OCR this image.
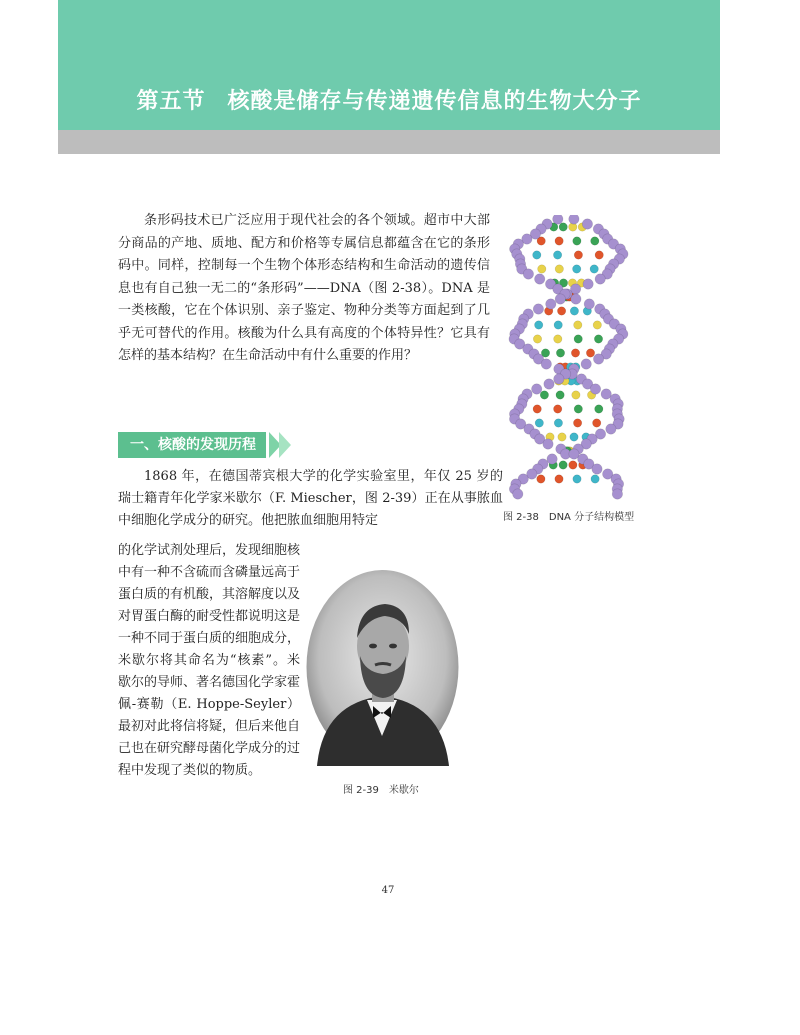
第五节 核酸是储存与传递遗传信息的生物大分子

条形码技术已广泛应用于现代社会的各个领域。超市中大部分商品的产地、质地、配方和价格等专属信息都蕴含在它的条形码中。同样，控制每一个生物个体形态结构和生命活动的遗传信息也有自己独一无二的“条形码”——DNA（图 2-38）。DNA 是一类核酸，它在个体识别、亲子鉴定、物种分类等方面起到了几乎无可替代的作用。核酸为什么具有高度的个体特异性？它具有怎样的基本结构？在生命活动中有什么重要的作用？

一、核酸的发现历程

1868 年，在德国蒂宾根大学的化学实验室里，年仅 25 岁的瑞士籍青年化学家米歇尔（F. Miescher，图 2-39）正在从事脓血中细胞化学成分的研究。他把脓血细胞用特定

的化学试剂处理后，发现细胞核中有一种不含硫而含磷量远高于蛋白质的有机酸，其溶解度以及对胃蛋白酶的耐受性都说明这是一种不同于蛋白质的细胞成分，米歇尔将其命名为“核素”。米歇尔的导师、著名德国化学家霍佩-赛勒（E. Hoppe-Seyler）最初对此将信将疑，但后来他自己也在研究酵母菌化学成分的过程中发现了类似的物质。

图 2-38　DNA 分子结构模型
图 2-39　米歇尔
47
